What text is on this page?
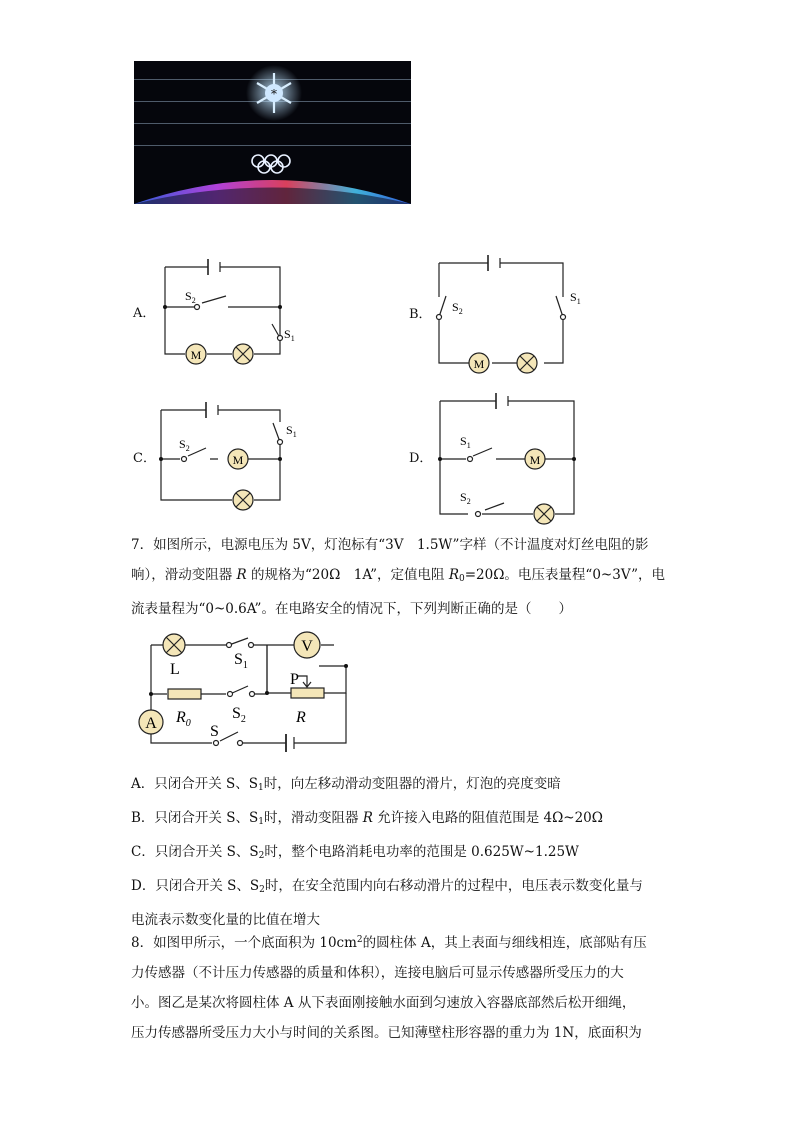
*
A．
M
$S_2$
$S_1$
B．
M
$S_2$
$S_1$
C．	M
$S_2$
$S_1$
D．	M
$S_1$
$S_2$
7．如图所示，电源电压为 5V，灯泡标有“3V　1.5W”字样（不计温度对灯丝电阻的影
响），滑动变阻器 R 的规格为“20Ω　1A”，定值电阻 $R_0=20\Omega$。电压表量程“0~3V”，电
流表量程为“0~0.6A”。在电路安全的情况下，下列判断正确的是（　　）
V
A
L
$S_1$
$S_2$
S
$R_0$	R
P
A．只闭合开关 S、$S_1$时，向左移动滑动变阻器的滑片，灯泡的亮度变暗
B．只闭合开关 S、$S_1$时，滑动变阻器 R 允许接入电路的阻值范围是 4Ω~20Ω
C．只闭合开关 S、$S_2$时，整个电路消耗电功率的范围是 0.625W~1.25W
D．只闭合开关 S、$S_2$时，在安全范围内向右移动滑片的过程中，电压表示数变化量与
电流表示数变化量的比值在增大
8．如图甲所示，一个底面积为 $10cm^2$的圆柱体 A，其上表面与细线相连，底部贴有压
力传感器（不计压力传感器的质量和体积），连接电脑后可显示传感器所受压力的大
小。图乙是某次将圆柱体 A 从下表面刚接触水面到匀速放入容器底部然后松开细绳，
压力传感器所受压力大小与时间的关系图。已知薄壁柱形容器的重力为 1N，底面积为
